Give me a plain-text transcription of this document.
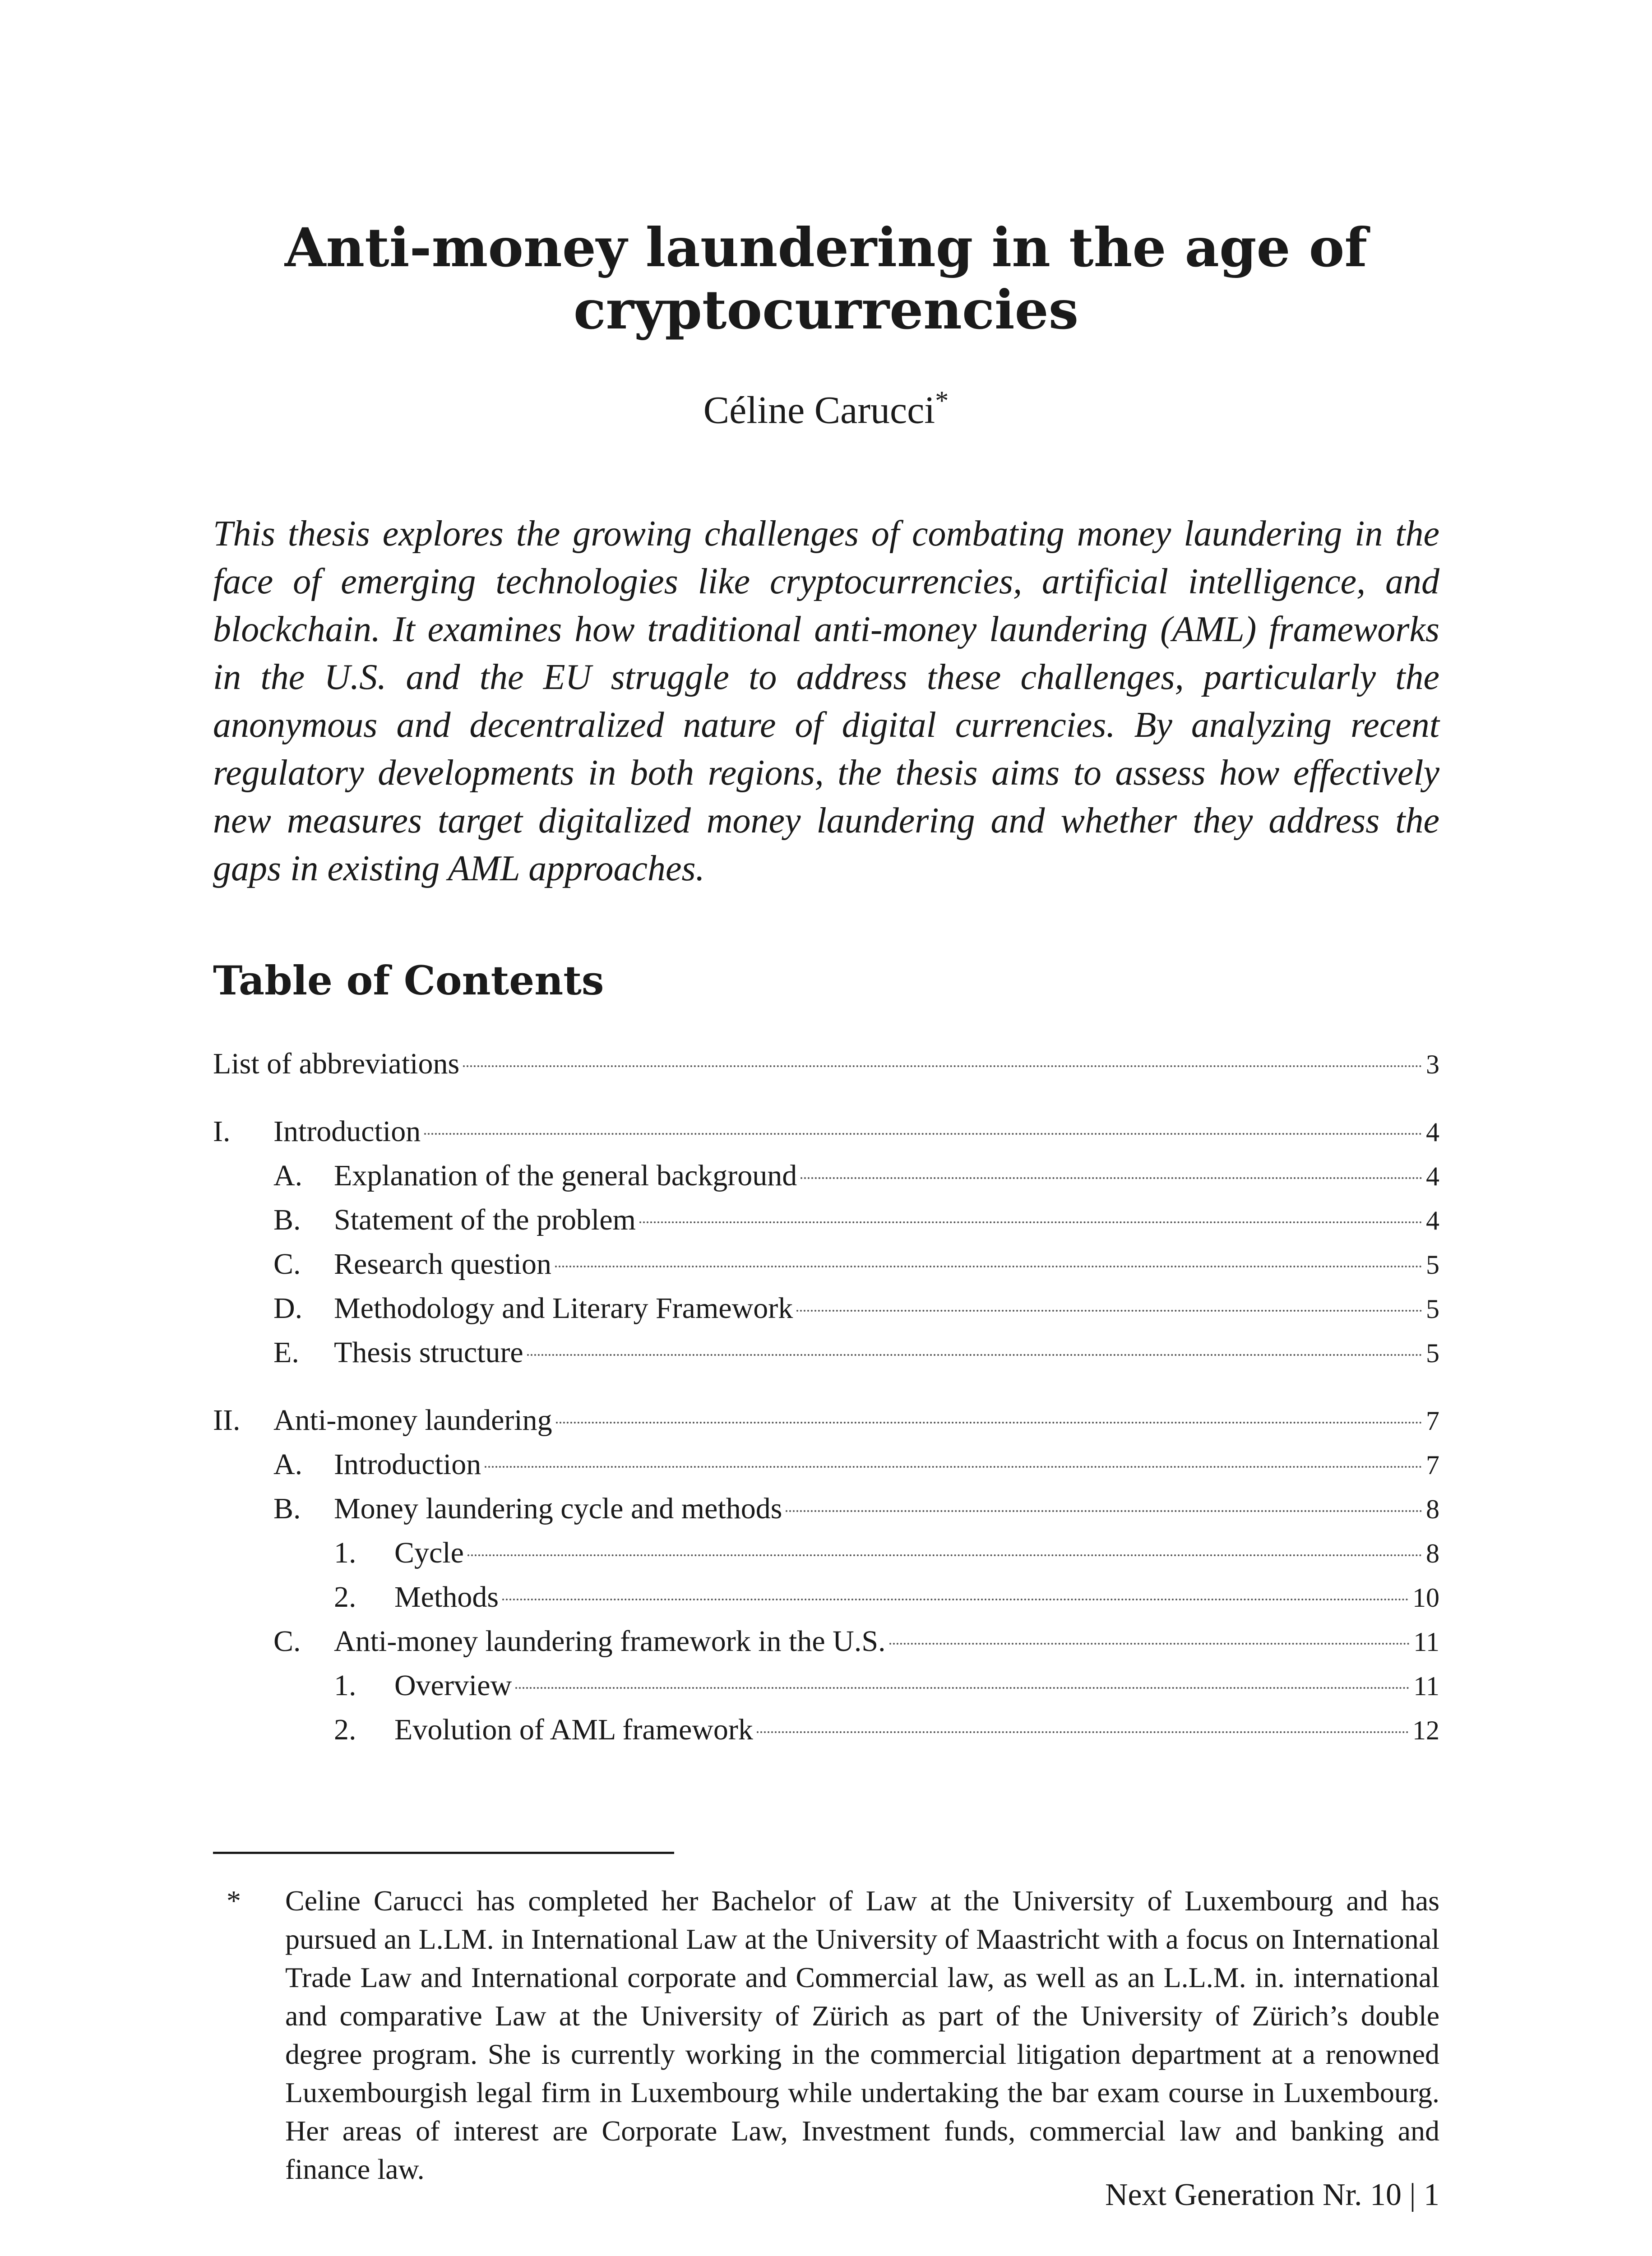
Anti-money laundering in the age of
cryptocurrencies
Céline Carucci*

This thesis explores the growing challenges of combating money laundering in the face of emerging technologies like cryptocurrencies, artificial intelligence, and blockchain. It examines how traditional anti-money laundering (AML) frameworks in the U.S. and the EU struggle to address these challenges, particularly the anonymous and decentralized nature of digital currencies. By analyzing recent regulatory developments in both regions, the thesis aims to assess how effectively new measures target digitalized money laundering and whether they address the gaps in existing AML approaches.

Table of Contents
List of abbreviations	3
I.	Introduction	4
A.	Explanation of the general background	4
B.	Statement of the problem	4
C.	Research question	5
D.	Methodology and Literary Framework	5
E.	Thesis structure	5
II.	Anti-money laundering	7
A.	Introduction	7
B.	Money laundering cycle and methods	8
1.	Cycle	8
2.	Methods	10
C.	Anti-money laundering framework in the U.S.	11
1.	Overview	11
2.	Evolution of AML framework	12
*	Celine Carucci has completed her Bachelor of Law at the University of Luxembourg and has pursued an L.LM. in International Law at the University of Maastricht with a focus on International Trade Law and International corporate and Commercial law, as well as an L.L.M. in. international and comparative Law at the University of Zürich as part of the University of Zürich’s double degree program. She is currently working in the commercial litigation department at a renowned Luxembourgish legal firm in Luxembourg while undertaking the bar exam course in Luxembourg. Her areas of interest are Corporate Law, Investment funds, commercial law and banking and finance law.

Next Generation Nr. 10 | 1
